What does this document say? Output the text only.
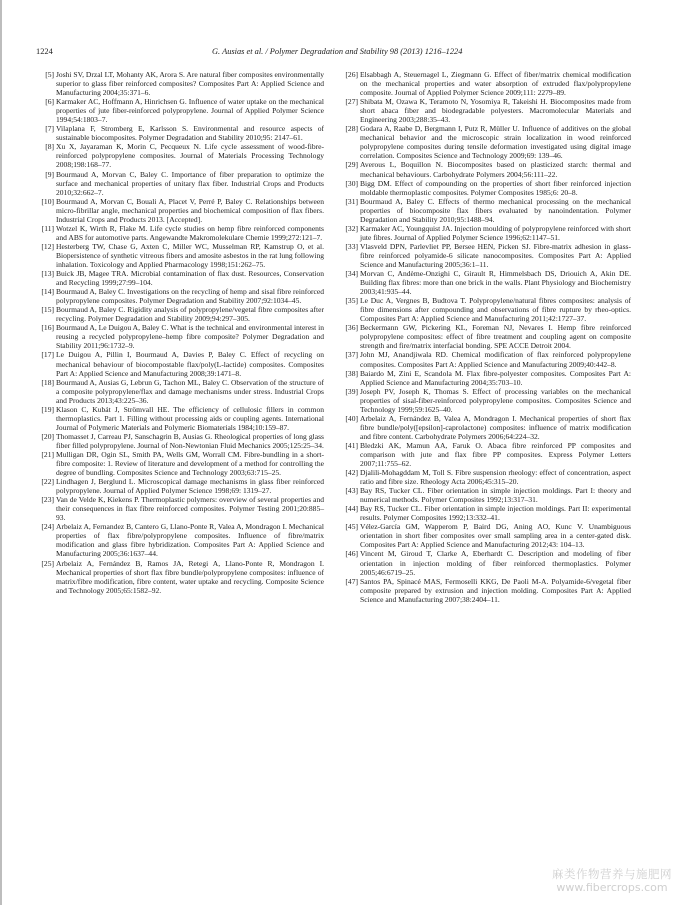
1224	G. Ausias et al. / Polymer Degradation and Stability 98 (2013) 1216–1224
[5] Joshi SV, Drzal LT, Mohanty AK, Arora S. Are natural fiber composites environmentally superior to glass fiber reinforced composites? Composites Part A: Applied Science and Manufacturing 2004;35:371–6.
[6] Karmaker AC, Hoffmann A, Hinrichsen G. Influence of water uptake on the mechanical properties of jute fiber-reinforced polypropylene. Journal of Applied Polymer Science 1994;54:1803–7.
[7] Vilaplana F, Stromberg E, Karlsson S. Environmental and resource aspects of sustainable biocomposites. Polymer Degradation and Stability 2010;95: 2147–61.
[8] Xu X, Jayaraman K, Morin C, Pecqueux N. Life cycle assessment of wood-fibre-reinforced polypropylene composites. Journal of Materials Processing Technology 2008;198:168–77.
[9] Bourmaud A, Morvan C, Baley C. Importance of fiber preparation to optimize the surface and mechanical properties of unitary flax fiber. Industrial Crops and Products 2010;32:662–7.
[10] Bourmaud A, Morvan C, Bouali A, Placet V, Perré P, Baley C. Relationships between micro-fibrillar angle, mechanical properties and biochemical composition of flax fibers. Industrial Crops and Products 2013. [Accepted].
[11] Wotzel K, Wirth R, Flake M. Life cycle studies on hemp fibre reinforced components and ABS for automotive parts. Angewandte Makromolekulare Chemie 1999;272:121–7.
[12] Hesterberg TW, Chase G, Axten C, Miller WC, Musselman RP, Kamstrup O, et al. Biopersistence of synthetic vitreous fibers and amosite asbestos in the rat lung following inhalation. Toxicology and Applied Pharmacology 1998;151:262–75.
[13] Buick JB, Magee TRA. Microbial contamination of flax dust. Resources, Conservation and Recycling 1999;27:99–104.
[14] Bourmaud A, Baley C. Investigations on the recycling of hemp and sisal fibre reinforced polypropylene composites. Polymer Degradation and Stability 2007;92:1034–45.
[15] Bourmaud A, Baley C. Rigidity analysis of polypropylene/vegetal fibre composites after recycling. Polymer Degradation and Stability 2009;94:297–305.
[16] Bourmaud A, Le Duigou A, Baley C. What is the technical and environmental interest in reusing a recycled polypropylene–hemp fibre composite? Polymer Degradation and Stability 2011;96:1732–9.
[17] Le Duigou A, Pillin I, Bourmaud A, Davies P, Baley C. Effect of recycling on mechanical behaviour of biocompostable flax/poly(L-lactide) composites. Composites Part A: Applied Science and Manufacturing 2008;39:1471–8.
[18] Bourmaud A, Ausias G, Lebrun G, Tachon ML, Baley C. Observation of the structure of a composite polypropylene/flax and damage mechanisms under stress. Industrial Crops and Products 2013;43:225–36.
[19] Klason C, Kubát J, Strömvall HE. The efficiency of cellulosic fillers in common thermoplastics. Part 1. Filling without processing aids or coupling agents. International Journal of Polymeric Materials and Polymeric Biomaterials 1984;10:159–87.
[20] Thomasset J, Carreau PJ, Sanschagrin B, Ausias G. Rheological properties of long glass fiber filled polypropylene. Journal of Non-Newtonian Fluid Mechanics 2005;125:25–34.
[21] Mulligan DR, Ogin SL, Smith PA, Wells GM, Worrall CM. Fibre-bundling in a short-fibre composite: 1. Review of literature and development of a method for controlling the degree of bundling. Composites Science and Technology 2003;63:715–25.
[22] Lindhagen J, Berglund L. Microscopical damage mechanisms in glass fiber reinforced polypropylene. Journal of Applied Polymer Science 1998;69: 1319–27.
[23] Van de Velde K, Kiekens P. Thermoplastic polymers: overview of several properties and their consequences in flax fibre reinforced composites. Polymer Testing 2001;20:885–93.
[24] Arbelaiz A, Fernandez B, Cantero G, Llano-Ponte R, Valea A, Mondragon I. Mechanical properties of flax fibre/polypropylene composites. Influence of fibre/matrix modification and glass fibre hybridization. Composites Part A: Applied Science and Manufacturing 2005;36:1637–44.
[25] Arbelaiz A, Fernández B, Ramos JA, Retegi A, Llano-Ponte R, Mondragon I. Mechanical properties of short flax fibre bundle/polypropylene composites: influence of matrix/fibre modification, fibre content, water uptake and recycling. Composite Science and Technology 2005;65:1582–92.
[26] Elsabbagh A, Steuernagel L, Ziegmann G. Effect of fiber/matrix chemical modification on the mechanical properties and water absorption of extruded flax/polypropylene composite. Journal of Applied Polymer Science 2009;111: 2279–89.
[27] Shibata M, Ozawa K, Teramoto N, Yosomiya R, Takeishi H. Biocomposites made from short abaca fiber and biodegradable polyesters. Macromolecular Materials and Engineering 2003;288:35–43.
[28] Godara A, Raabe D, Bergmann I, Putz R, Müller U. Influence of additives on the global mechanical behavior and the microscopic strain localization in wood reinforced polypropylene composites during tensile deformation investigated using digital image correlation. Composites Science and Technology 2009;69: 139–46.
[29] Averous L, Boquillon N. Biocomposites based on plasticized starch: thermal and mechanical behaviours. Carbohydrate Polymers 2004;56:111–22.
[30] Bigg DM. Effect of compounding on the properties of short fiber reinforced injection moldable thermoplastic composites. Polymer Composites 1985;6: 20–8.
[31] Bourmaud A, Baley C. Effects of thermo mechanical processing on the mechanical properties of biocomposite flax fibers evaluated by nanoindentation. Polymer Degradation and Stability 2010;95:1488–94.
[32] Karmaker AC, Youngquist JA. Injection moulding of polypropylene reinforced with short jute fibres. Journal of Applied Polymer Science 1996;62:1147–51.
[33] Vlasveld DPN, Parlevliet PP, Bersee HEN, Picken SJ. Fibre-matrix adhesion in glass-fibre reinforced polyamide-6 silicate nanocomposites. Composites Part A: Applied Science and Manufacturing 2005;36:1–11.
[34] Morvan C, Andème-Onzighi C, Girault R, Himmelsbach DS, Driouich A, Akin DE. Building flax fibres: more than one brick in the walls. Plant Physiology and Biochemistry 2003;41:935–44.
[35] Le Duc A, Vergnes B, Budtova T. Polypropylene/natural fibres composites: analysis of fibre dimensions after compounding and observations of fibre rupture by rheo-optics. Composites Part A: Applied Science and Manufacturing 2011;42:1727–37.
[36] Beckermann GW, Pickering KL, Foreman NJ, Nevares I. Hemp fibre reinforced polypropylene composites: effect of fibre treatment and coupling agent on composite strength and fire/matrix interfacial bonding. SPE ACCE Detroit 2004.
[37] John MJ, Anandjiwala RD. Chemical modification of flax reinforced polypropylene composites. Composites Part A: Applied Science and Manufacturing 2009;40:442–8.
[38] Baiardo M, Zini E, Scandola M. Flax fibre-polyester composites. Composites Part A: Applied Science and Manufacturing 2004;35:703–10.
[39] Joseph PV, Joseph K, Thomas S. Effect of processing variables on the mechanical properties of sisal-fiber-reinforced polypropylene composites. Composites Science and Technology 1999;59:1625–40.
[40] Arbelaiz A, Fernández B, Valea A, Mondragon I. Mechanical properties of short flax fibre bundle/poly([epsilon]-caprolactone) composites: influence of matrix modification and fibre content. Carbohydrate Polymers 2006;64:224–32.
[41] Bledzki AK, Mamun AA, Faruk O. Abaca fibre reinforced PP composites and comparison with jute and flax fibre PP composites. Express Polymer Letters 2007;11:755–62.
[42] Djalili-Mohagddam M, Toll S. Fibre suspension rheology: effect of concentration, aspect ratio and fibre size. Rheology Acta 2006;45:315–20.
[43] Bay RS, Tucker CL. Fiber orientation in simple injection moldings. Part I: theory and numerical methods. Polymer Composites 1992;13:317–31.
[44] Bay RS, Tucker CL. Fiber orientation in simple injection moldings. Part II: experimental results. Polymer Composites 1992;13:332–41.
[45] Vélez-García GM, Wapperom P, Baird DG, Aning AO, Kunc V. Unambiguous orientation in short fiber composites over small sampling area in a center-gated disk. Composites Part A: Applied Science and Manufacturing 2012;43: 104–13.
[46] Vincent M, Giroud T, Clarke A, Eberhardt C. Description and modeling of fiber orientation in injection molding of fiber reinforced thermoplastics. Polymer 2005;46:6719–25.
[47] Santos PA, Spinacé MAS, Fermoselli KKG, De Paoli M-A. Polyamide-6/vegetal fiber composite prepared by extrusion and injection molding. Composites Part A: Applied Science and Manufacturing 2007;38:2404–11.
麻类作物营养与施肥网
www.fibercrops.com
